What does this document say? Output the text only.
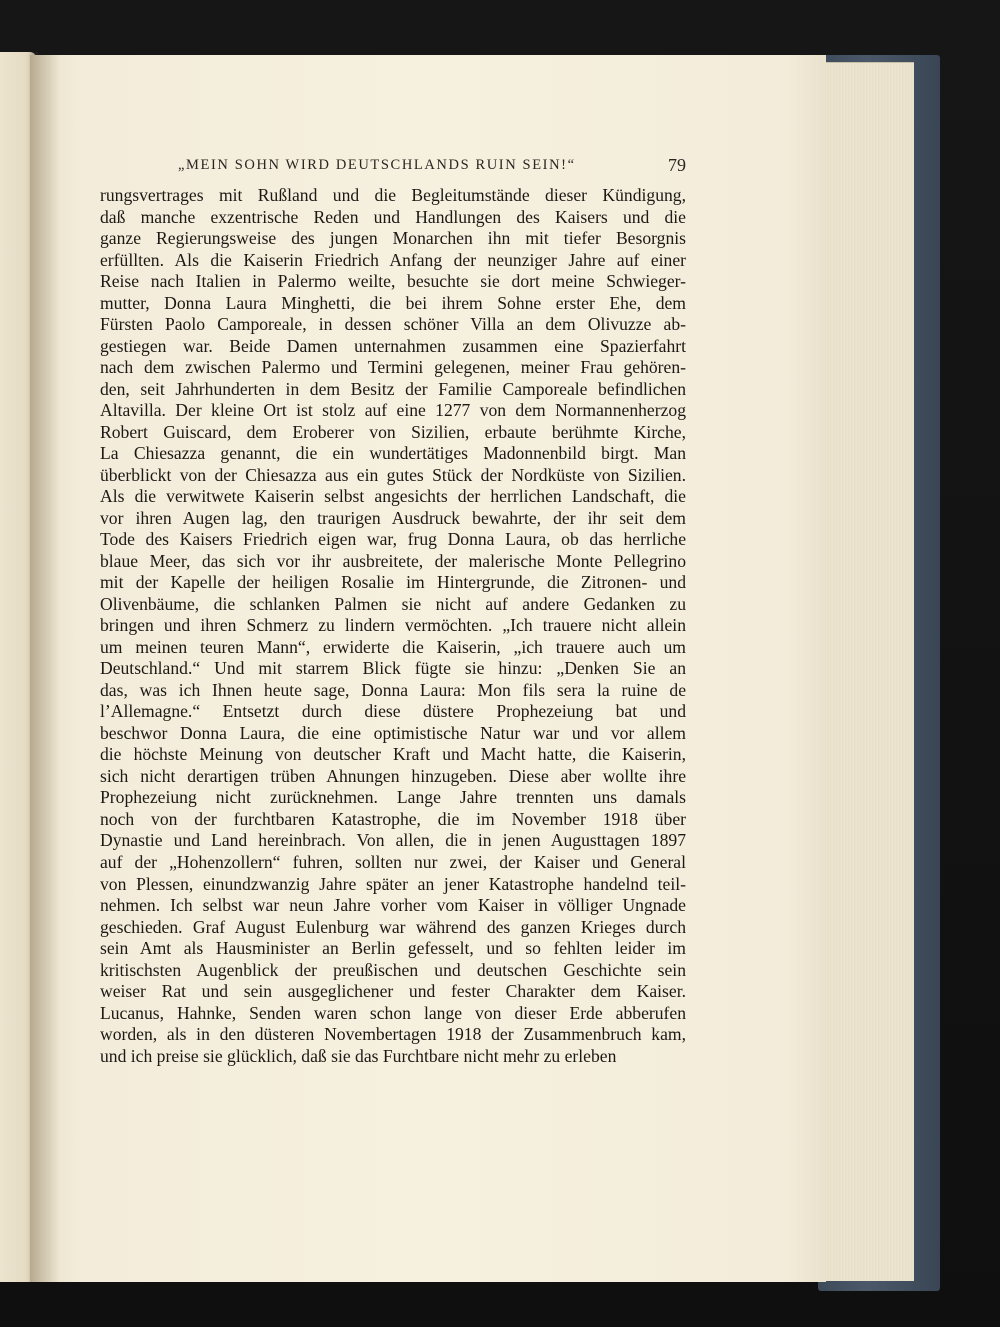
„MEIN SOHN WIRD DEUTSCHLANDS RUIN SEIN!“	79
rungsvertrages mit Rußland und die Begleitumstände dieser Kündigung,
daß manche exzentrische Reden und Handlungen des Kaisers und die
ganze Regierungsweise des jungen Monarchen ihn mit tiefer Besorgnis
erfüllten. Als die Kaiserin Friedrich Anfang der neunziger Jahre auf einer
Reise nach Italien in Palermo weilte, besuchte sie dort meine Schwieger-
mutter, Donna Laura Minghetti, die bei ihrem Sohne erster Ehe, dem
Fürsten Paolo Camporeale, in dessen schöner Villa an dem Olivuzze ab-
gestiegen war. Beide Damen unternahmen zusammen eine Spazierfahrt
nach dem zwischen Palermo und Termini gelegenen, meiner Frau gehören-
den, seit Jahrhunderten in dem Besitz der Familie Camporeale befindlichen
Altavilla. Der kleine Ort ist stolz auf eine 1277 von dem Normannenherzog
Robert Guiscard, dem Eroberer von Sizilien, erbaute berühmte Kirche,
La Chiesazza genannt, die ein wundertätiges Madonnenbild birgt. Man
überblickt von der Chiesazza aus ein gutes Stück der Nordküste von Sizilien.
Als die verwitwete Kaiserin selbst angesichts der herrlichen Landschaft, die
vor ihren Augen lag, den traurigen Ausdruck bewahrte, der ihr seit dem
Tode des Kaisers Friedrich eigen war, frug Donna Laura, ob das herrliche
blaue Meer, das sich vor ihr ausbreitete, der malerische Monte Pellegrino
mit der Kapelle der heiligen Rosalie im Hintergrunde, die Zitronen- und
Olivenbäume, die schlanken Palmen sie nicht auf andere Gedanken zu
bringen und ihren Schmerz zu lindern vermöchten. „Ich trauere nicht allein
um meinen teuren Mann“, erwiderte die Kaiserin, „ich trauere auch um
Deutschland.“ Und mit starrem Blick fügte sie hinzu: „Denken Sie an
das, was ich Ihnen heute sage, Donna Laura: Mon fils sera la ruine de
l’Allemagne.“ Entsetzt durch diese düstere Prophezeiung bat und
beschwor Donna Laura, die eine optimistische Natur war und vor allem
die höchste Meinung von deutscher Kraft und Macht hatte, die Kaiserin,
sich nicht derartigen trüben Ahnungen hinzugeben. Diese aber wollte ihre
Prophezeiung nicht zurücknehmen. Lange Jahre trennten uns damals
noch von der furchtbaren Katastrophe, die im November 1918 über
Dynastie und Land hereinbrach. Von allen, die in jenen Augusttagen 1897
auf der „Hohenzollern“ fuhren, sollten nur zwei, der Kaiser und General
von Plessen, einundzwanzig Jahre später an jener Katastrophe handelnd teil-
nehmen. Ich selbst war neun Jahre vorher vom Kaiser in völliger Ungnade
geschieden. Graf August Eulenburg war während des ganzen Krieges durch
sein Amt als Hausminister an Berlin gefesselt, und so fehlten leider im
kritischsten Augenblick der preußischen und deutschen Geschichte sein
weiser Rat und sein ausgeglichener und fester Charakter dem Kaiser.
Lucanus, Hahnke, Senden waren schon lange von dieser Erde abberufen
worden, als in den düsteren Novembertagen 1918 der Zusammenbruch kam,
und ich preise sie glücklich, daß sie das Furchtbare nicht mehr zu erleben
